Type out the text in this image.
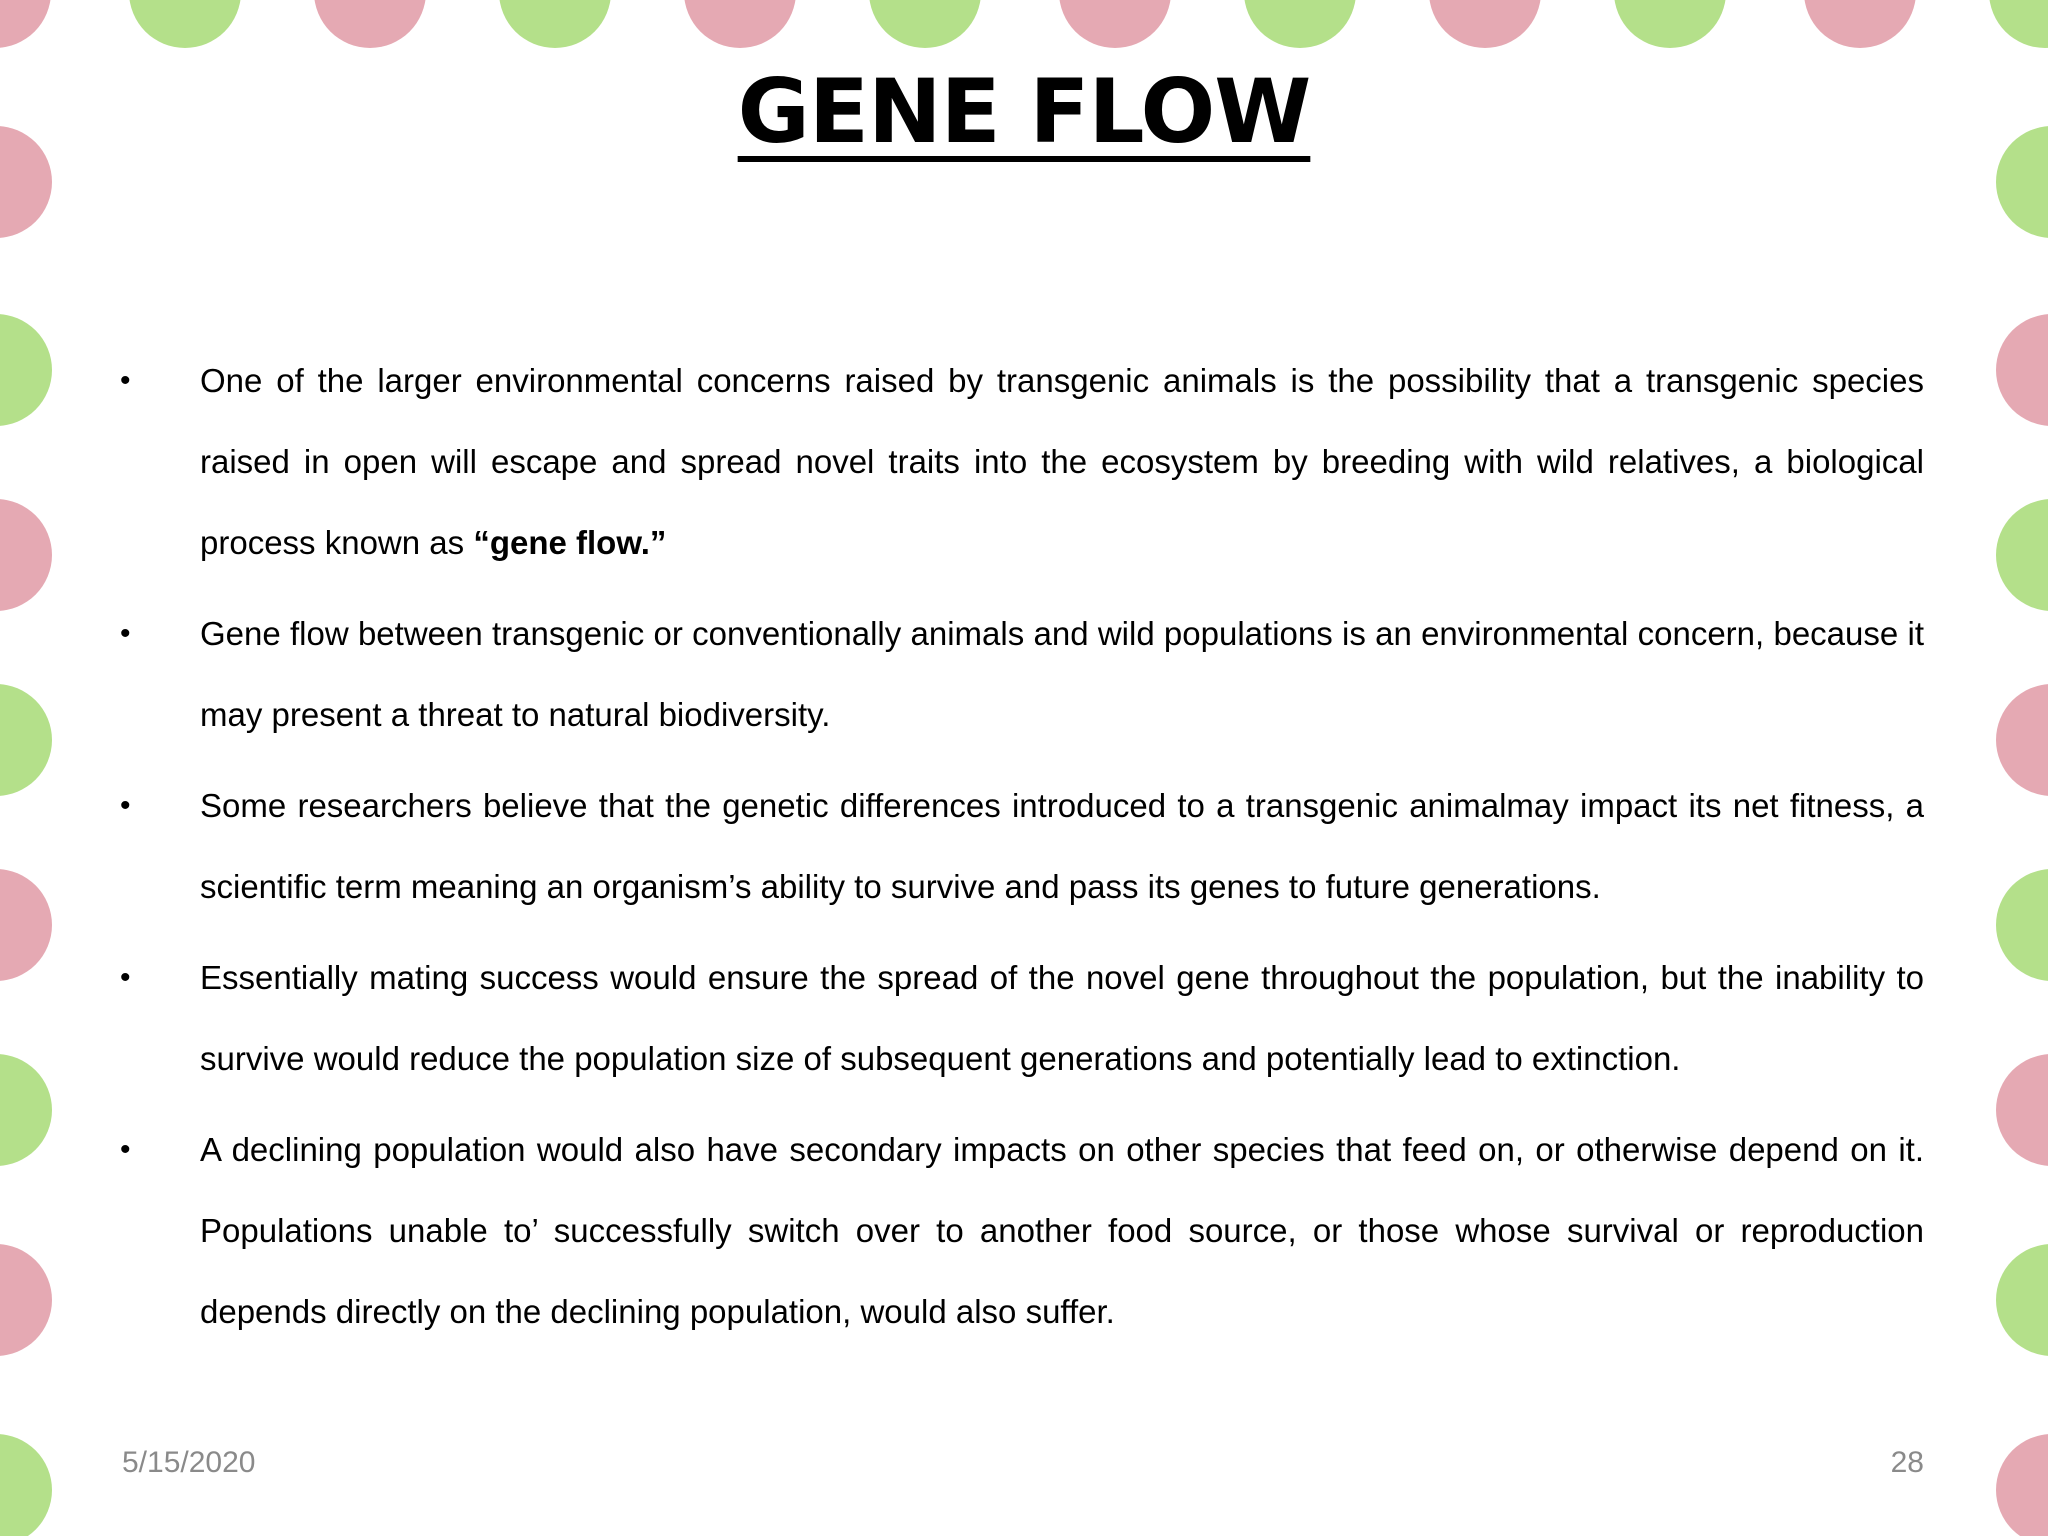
GENE FLOW
•	One of the larger environmental concerns raised by transgenic animals is the possibility that a transgenic species raised in open will escape and spread novel traits into the ecosystem by breeding with wild relatives, a biological process known as “gene flow.”
•	Gene flow between transgenic or conventionally animals and wild populations is an environmental concern, because it may present a threat to natural biodiversity.
•	Some researchers believe that the genetic differences introduced to a transgenic animalmay impact its net fitness, a scientific term meaning an organism’s ability to survive and pass its genes to future generations.
•	Essentially mating success would ensure the spread of the novel gene throughout the population, but the inability to survive would reduce the population size of subsequent generations and potentially lead to extinction.
•	A declining population would also have secondary impacts on other species that feed on, or otherwise depend on it. Populations unable to’ successfully switch over to another food source, or those whose survival or reproduction depends directly on the declining population, would also suffer.
5/15/2020	28
